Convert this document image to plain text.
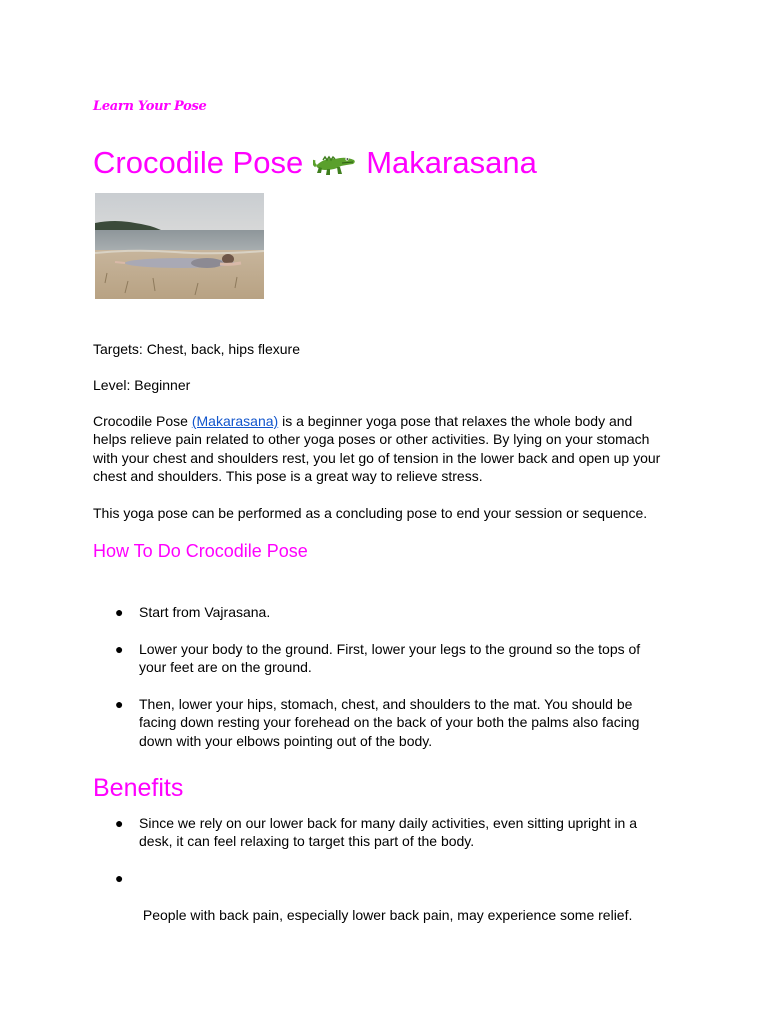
Learn Your Pose
Crocodile Pose Makarasana

Targets: Chest, back, hips flexure

Level: Beginner

Crocodile Pose (Makarasana) is a beginner yoga pose that relaxes the whole body and
helps relieve pain related to other yoga poses or other activities. By lying on your stomach
with your chest and shoulders rest, you let go of tension in the lower back and open up your
chest and shoulders. This pose is a great way to relieve stress.

This yoga pose can be performed as a concluding pose to end your session or sequence.

How To Do Crocodile Pose
● Start from Vajrasana.
● Lower your body to the ground. First, lower your legs to the ground so the tops of
your feet are on the ground.
● Then, lower your hips, stomach, chest, and shoulders to the mat. You should be
facing down resting your forehead on the back of your both the palms also facing
down with your elbows pointing out of the body.
Benefits
● Since we rely on our lower back for many daily activities, even sitting upright in a
desk, it can feel relaxing to target this part of the body.
●

People with back pain, especially lower back pain, may experience some relief.
